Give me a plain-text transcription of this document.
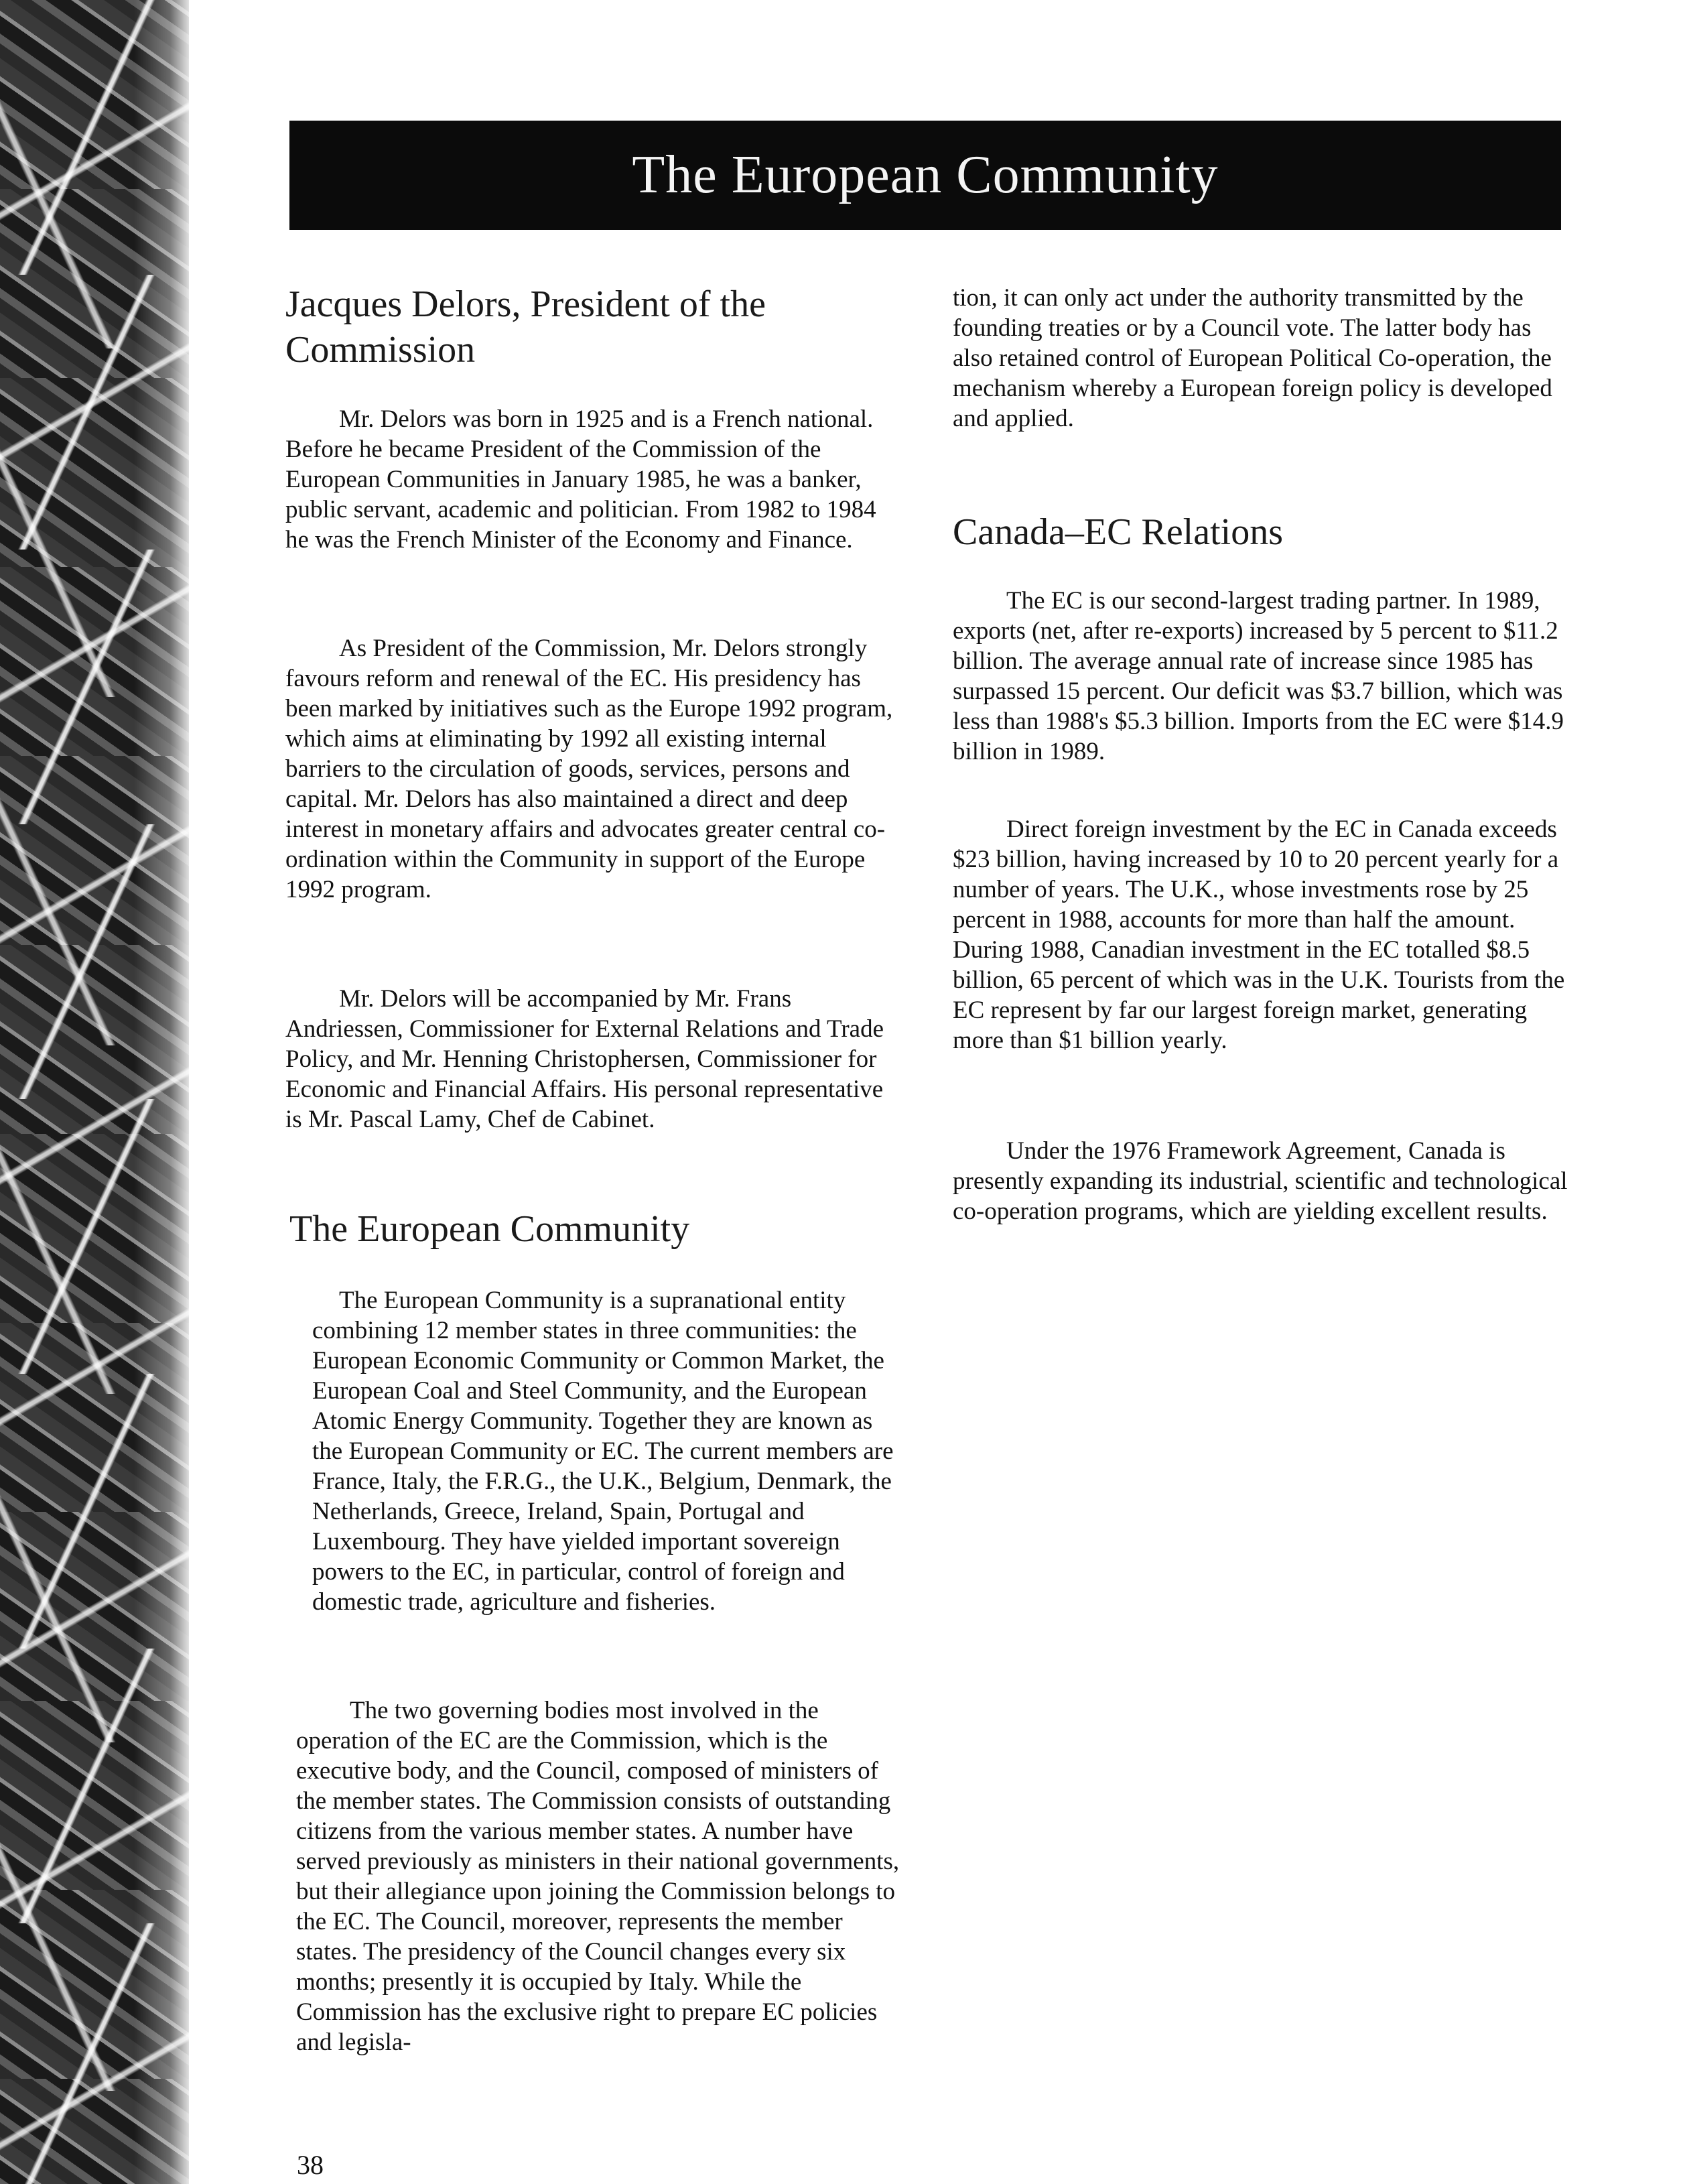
The European Community
Jacques Delors, President of the Commission

Mr. Delors was born in 1925 and is a French national. Before he became President of the Commission of the European Communities in January 1985, he was a banker, public servant, academic and politician. From 1982 to 1984 he was the French Minister of the Economy and Finance.

As President of the Commission, Mr. Delors strongly favours reform and renewal of the EC. His presidency has been marked by initiatives such as the Europe 1992 program, which aims at eliminating by 1992 all existing internal barriers to the circulation of goods, services, persons and capital. Mr. Delors has also maintained a direct and deep interest in monetary affairs and advocates greater central co-ordination within the Community in support of the Europe 1992 program.

Mr. Delors will be accompanied by Mr. Frans Andriessen, Commissioner for External Relations and Trade Policy, and Mr. Henning Christophersen, Commissioner for Economic and Financial Affairs. His personal representative is Mr. Pascal Lamy, Chef de Cabinet.

The European Community

The European Community is a supranational entity combining 12 member states in three communities: the European Economic Community or Common Market, the European Coal and Steel Community, and the European Atomic Energy Community. Together they are known as the European Community or EC. The current members are France, Italy, the F.R.G., the U.K., Belgium, Denmark, the Netherlands, Greece, Ireland, Spain, Portugal and Luxembourg. They have yielded important sovereign powers to the EC, in particular, control of foreign and domestic trade, agriculture and fisheries.

The two governing bodies most involved in the operation of the EC are the Commission, which is the executive body, and the Council, composed of ministers of the member states. The Commission consists of outstanding citizens from the various member states. A number have served previously as ministers in their national governments, but their allegiance upon joining the Commission belongs to the EC. The Council, moreover, represents the member states. The presidency of the Council changes every six months; presently it is occupied by Italy. While the Commission has the exclusive right to prepare EC policies and legisla-

tion, it can only act under the authority transmitted by the founding treaties or by a Council vote. The latter body has also retained control of European Political Co-operation, the mechanism whereby a European foreign policy is developed and applied.

Canada–EC Relations

The EC is our second-largest trading partner. In 1989, exports (net, after re-exports) increased by 5 percent to $11.2 billion. The average annual rate of increase since 1985 has surpassed 15 percent. Our deficit was $3.7 billion, which was less than 1988's $5.3 billion. Imports from the EC were $14.9 billion in 1989.

Direct foreign investment by the EC in Canada exceeds $23 billion, having increased by 10 to 20 percent yearly for a number of years. The U.K., whose investments rose by 25 percent in 1988, accounts for more than half the amount. During 1988, Canadian investment in the EC totalled $8.5 billion, 65 percent of which was in the U.K. Tourists from the EC represent by far our largest foreign market, generating more than $1 billion yearly.

Under the 1976 Framework Agreement, Canada is presently expanding its industrial, scientific and technological co-operation programs, which are yielding excellent results.

38
